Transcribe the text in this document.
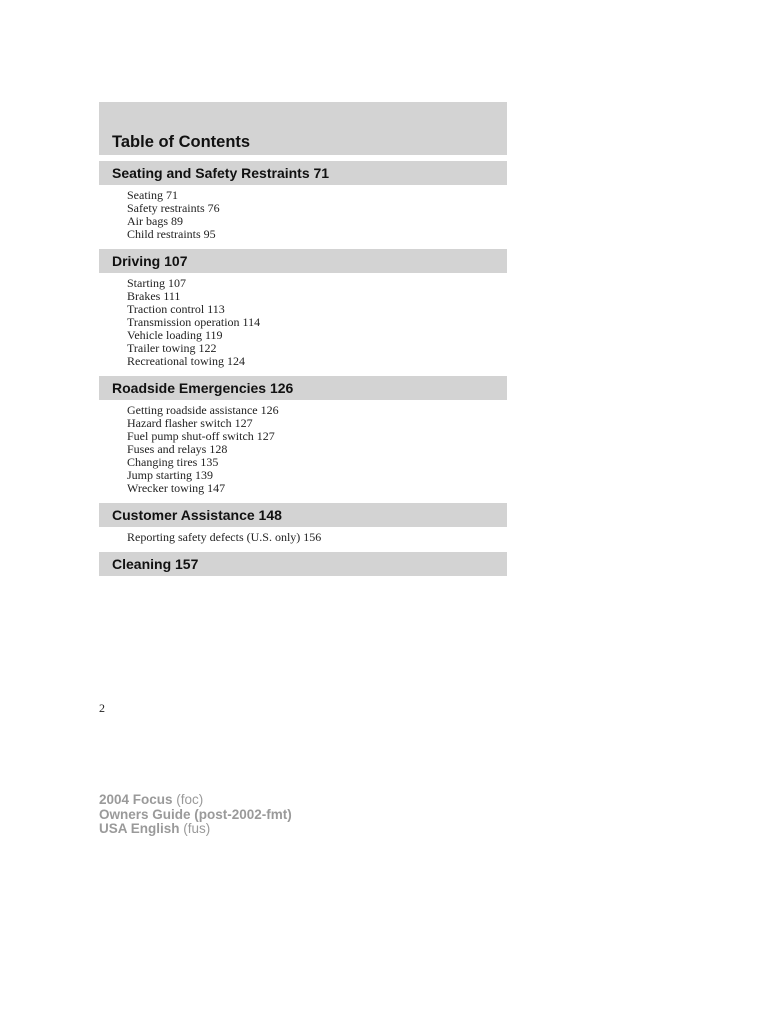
Table of Contents
Seating and Safety Restraints 71
Seating 71
Safety restraints 76
Air bags 89
Child restraints 95
Driving 107
Starting 107
Brakes 111
Traction control 113
Transmission operation 114
Vehicle loading 119
Trailer towing 122
Recreational towing 124
Roadside Emergencies 126
Getting roadside assistance 126
Hazard flasher switch 127
Fuel pump shut-off switch 127
Fuses and relays 128
Changing tires 135
Jump starting 139
Wrecker towing 147
Customer Assistance 148
Reporting safety defects (U.S. only) 156
Cleaning 157
2
2004 Focus (foc)
Owners Guide (post-2002-fmt)
USA English (fus)
